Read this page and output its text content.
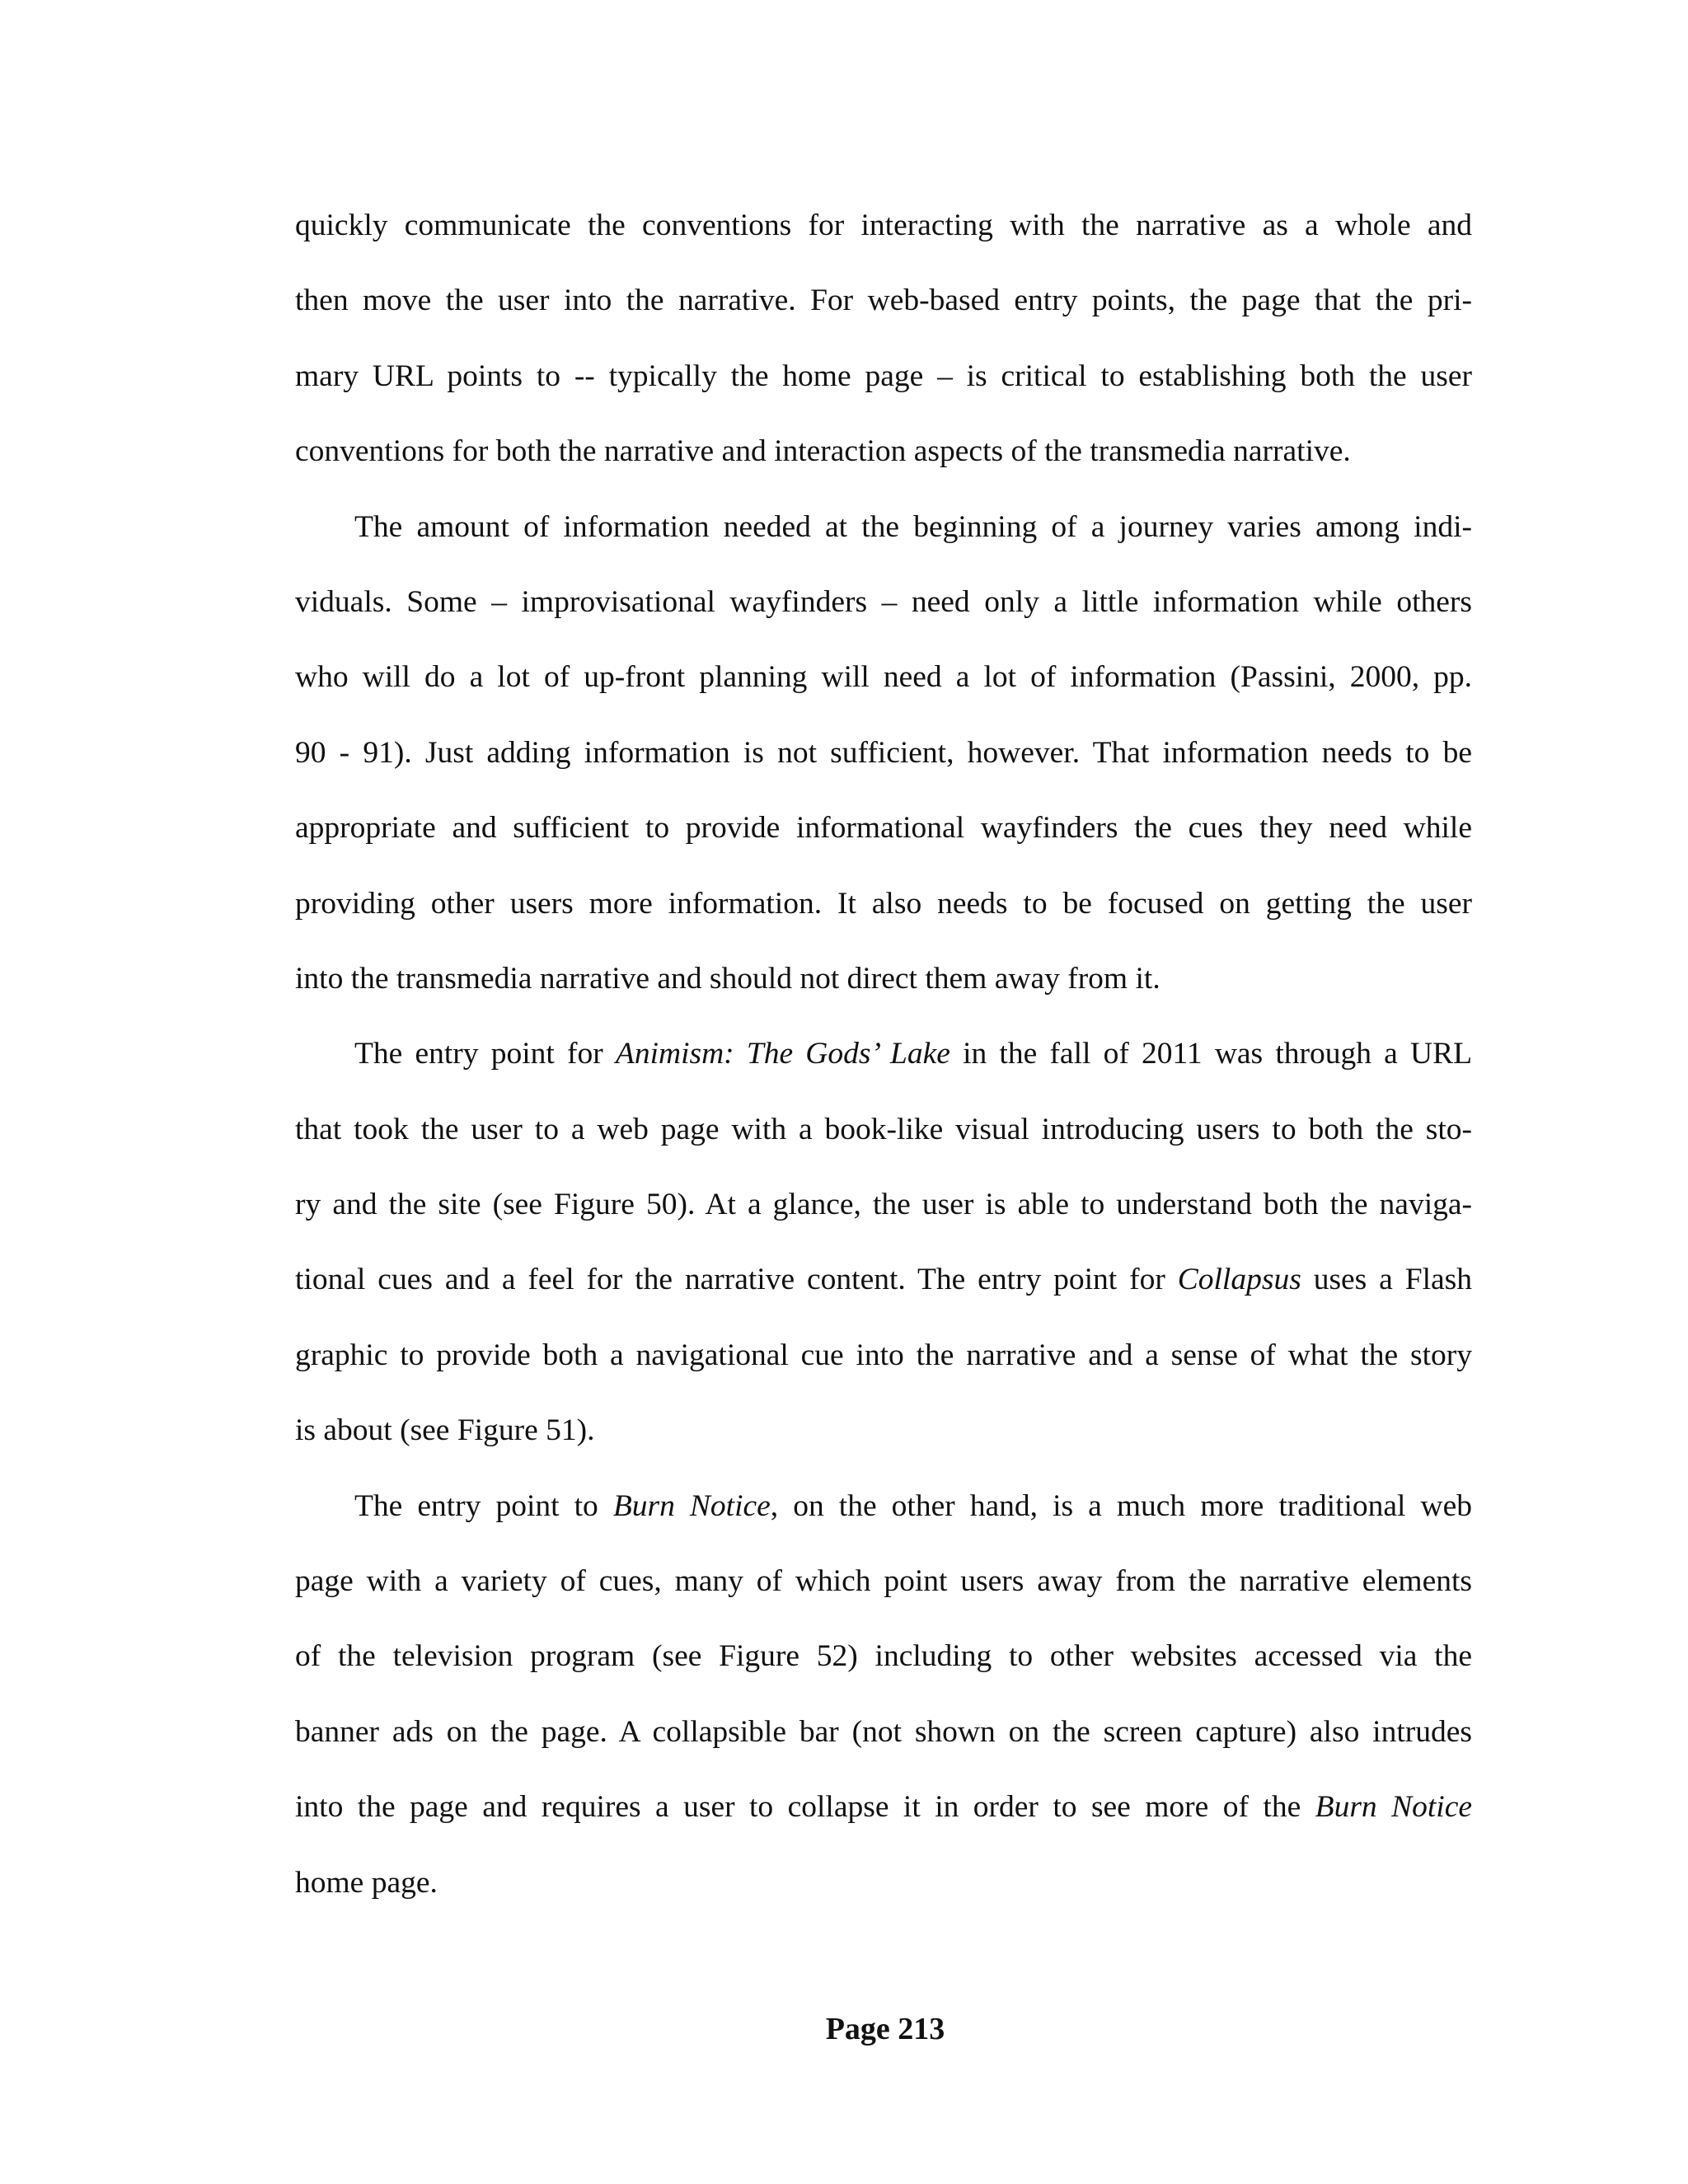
quickly communicate the conventions for interacting with the narrative as a whole and
then move the user into the narrative. For web-based entry points, the page that the pri-
mary URL points to -- typically the home page – is critical to establishing both the user
conventions for both the narrative and interaction aspects of the transmedia narrative.
The amount of information needed at the beginning of a journey varies among indi-
viduals. Some – improvisational wayfinders – need only a little information while others
who will do a lot of up-front planning will need a lot of information (Passini, 2000, pp.
90 - 91). Just adding information is not sufficient, however. That information needs to be
appropriate and sufficient to provide informational wayfinders the cues they need while
providing other users more information. It also needs to be focused on getting the user
into the transmedia narrative and should not direct them away from it.
The entry point for Animism: The Gods’ Lake in the fall of 2011 was through a URL
that took the user to a web page with a book-like visual introducing users to both the sto-
ry and the site (see Figure 50). At a glance, the user is able to understand both the naviga-
tional cues and a feel for the narrative content. The entry point for Collapsus uses a Flash
graphic to provide both a navigational cue into the narrative and a sense of what the story
is about (see Figure 51).
The entry point to Burn Notice, on the other hand, is a much more traditional web
page with a variety of cues, many of which point users away from the narrative elements
of the television program (see Figure 52) including to other websites accessed via the
banner ads on the page. A collapsible bar (not shown on the screen capture) also intrudes
into the page and requires a user to collapse it in order to see more of the Burn Notice
home page.
Page 213
